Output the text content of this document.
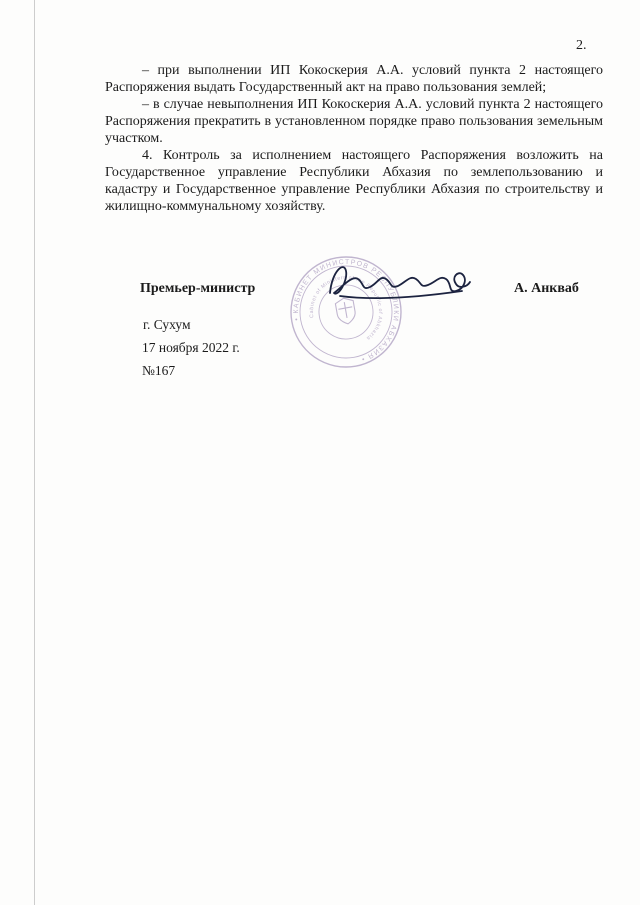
2.

– при выполнении ИП Кокоскерия А.А. условий пункта 2 настоящего Распоряжения выдать Государственный акт на право пользования землей;

– в случае невыполнения ИП Кокоскерия А.А. условий пункта 2 настоящего Распоряжения прекратить в установленном порядке право пользования земельным участком.

4. Контроль за исполнением настоящего Распоряжения возложить на Государственное управление Республики Абхазия по землепользованию и кадастру и Государственное управление Республики Абхазия по строительству и жилищно-коммунальному хозяйству.

• КАБИНЕТ МИНИСТРОВ РЕСПУБЛИКИ АБХАЗИЯ •
Cabinet of Ministers of the Republic of Abkhazia
Премьер-министр	А. Анкваб
г. Сухум
17 ноября 2022 г.
№167
